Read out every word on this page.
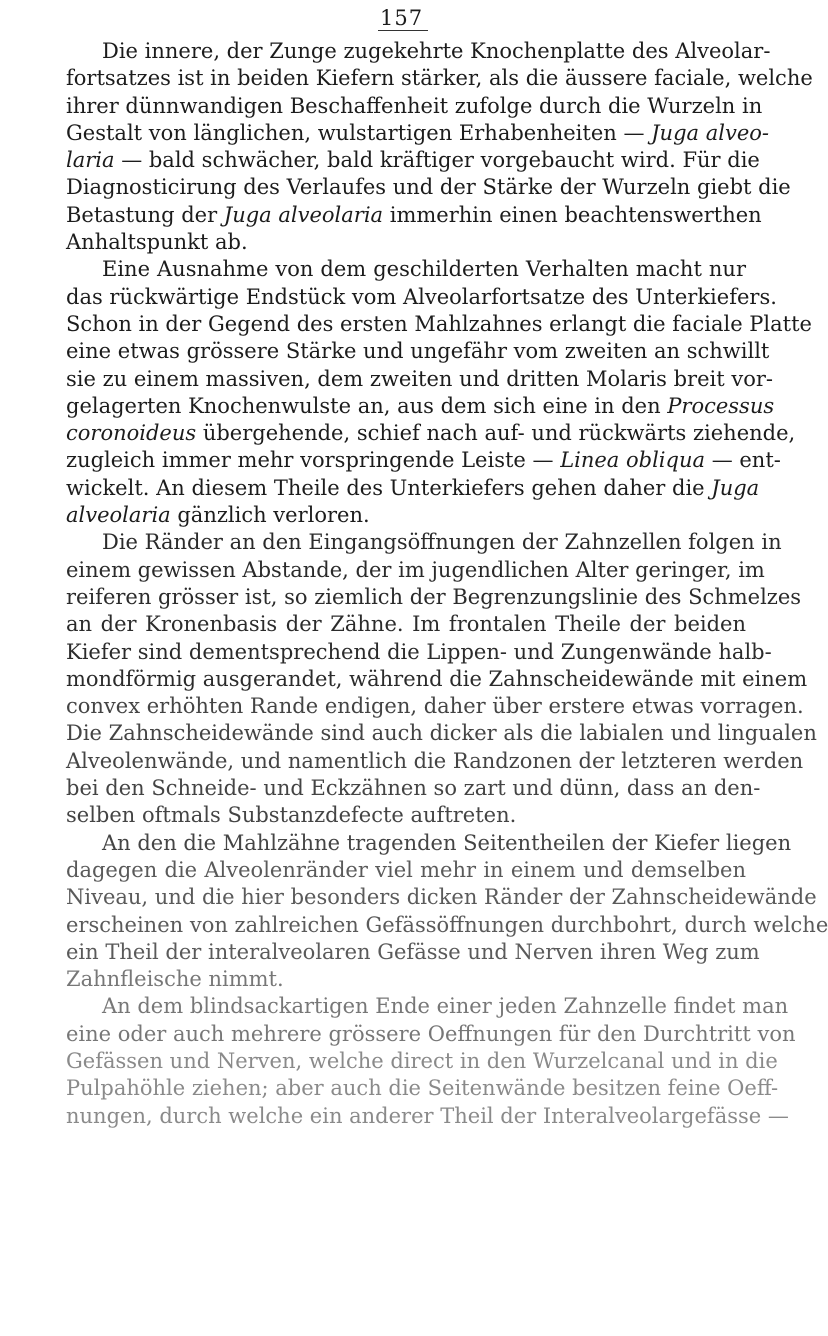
157
Die innere, der Zunge zugekehrte Knochenplatte des Alveolar-
fortsatzes ist in beiden Kiefern stärker, als die äussere faciale, welche
ihrer dünnwandigen Beschaffenheit zufolge durch die Wurzeln in
Gestalt von länglichen, wulstartigen Erhabenheiten — Juga alveo-
laria — bald schwächer, bald kräftiger vorgebaucht wird. Für die
Diagnosticirung des Verlaufes und der Stärke der Wurzeln giebt die
Betastung der Juga alveolaria immerhin einen beachtenswerthen
Anhaltspunkt ab.
Eine Ausnahme von dem geschilderten Verhalten macht nur
das rückwärtige Endstück vom Alveolarfortsatze des Unterkiefers.
Schon in der Gegend des ersten Mahlzahnes erlangt die faciale Platte
eine etwas grössere Stärke und ungefähr vom zweiten an schwillt
sie zu einem massiven, dem zweiten und dritten Molaris breit vor-
gelagerten Knochenwulste an, aus dem sich eine in den Processus
coronoideus übergehende, schief nach auf- und rückwärts ziehende,
zugleich immer mehr vorspringende Leiste — Linea obliqua — ent-
wickelt. An diesem Theile des Unterkiefers gehen daher die Juga
alveolaria gänzlich verloren.
Die Ränder an den Eingangsöffnungen der Zahnzellen folgen in
einem gewissen Abstande, der im jugendlichen Alter geringer, im
reiferen grösser ist, so ziemlich der Begrenzungslinie des Schmelzes
an der Kronenbasis der Zähne. Im frontalen Theile der beiden
Kiefer sind dementsprechend die Lippen- und Zungenwände halb-
mondförmig ausgerandet, während die Zahnscheidewände mit einem
convex erhöhten Rande endigen, daher über erstere etwas vorragen.
Die Zahnscheidewände sind auch dicker als die labialen und lingualen
Alveolenwände, und namentlich die Randzonen der letzteren werden
bei den Schneide- und Eckzähnen so zart und dünn, dass an den-
selben oftmals Substanzdefecte auftreten.
An den die Mahlzähne tragenden Seitentheilen der Kiefer liegen
dagegen die Alveolenränder viel mehr in einem und demselben
Niveau, und die hier besonders dicken Ränder der Zahnscheidewände
erscheinen von zahlreichen Gefässöffnungen durchbohrt, durch welche
ein Theil der interalveolaren Gefässe und Nerven ihren Weg zum
Zahnfleische nimmt.
An dem blindsackartigen Ende einer jeden Zahnzelle findet man
eine oder auch mehrere grössere Oeffnungen für den Durchtritt von
Gefässen und Nerven, welche direct in den Wurzelcanal und in die
Pulpahöhle ziehen; aber auch die Seitenwände besitzen feine Oeff-
nungen, durch welche ein anderer Theil der Interalveolargefässe —
